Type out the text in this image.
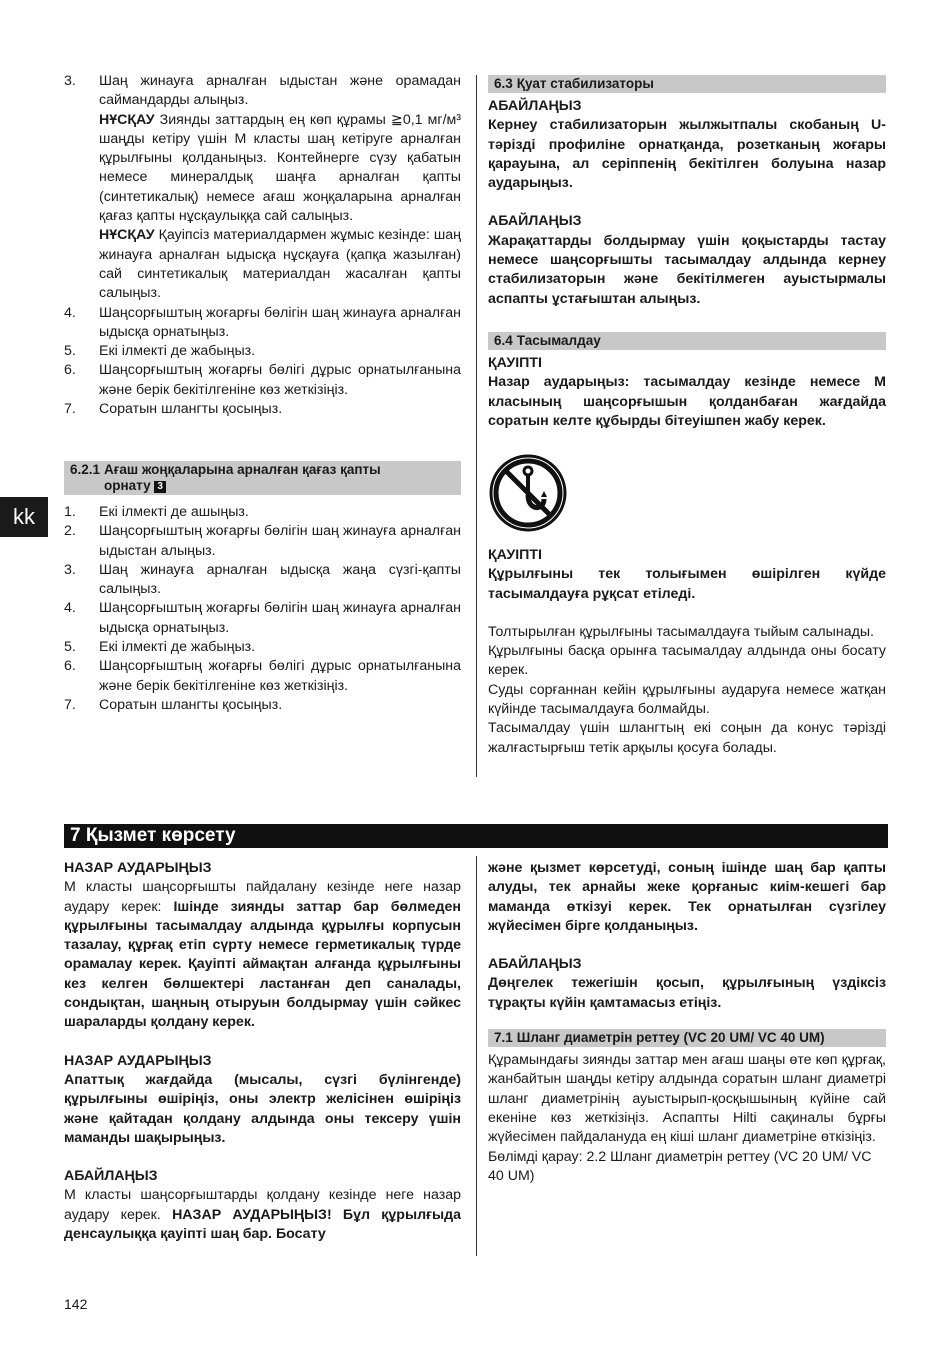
kk
3.	Шаң жинауға арналған ыдыстан және орамадан саймандарды алыңыз.
НҰСҚАУ Зиянды заттардың ең көп құрамы ≧0,1 мг/м³ шаңды кетіру үшін М класты шаң кетіруге арналған құрылғыны қолданыңыз. Контейнерге сүзу қабатын немесе минералдық шаңға арналған қапты (синтетикалық) немесе ағаш жоңқаларына арналған қағаз қапты нұсқаулыққа сай салыңыз.
НҰСҚАУ Қауіпсіз материалдармен жұмыс кезінде: шаң жинауға арналған ыдысқа нұсқауға (қапқа жазылған) сай синтетикалық материалдан жасалған қапты салыңыз.
4.	Шаңсорғыштың жоғарғы бөлігін шаң жинауға арналған ыдысқа орнатыңыз.
5.	Екі ілмекті де жабыңыз.
6.	Шаңсорғыштың жоғарғы бөлігі дұрыс орнатылғанына және берік бекітілгеніне көз жеткізіңіз.
7.	Соратын шлангты қосыңыз.
6.2.1 Ағаш жоңқаларына арналған қағаз қапты орнату 3
1.	Екі ілмекті де ашыңыз.
2.	Шаңсорғыштың жоғарғы бөлігін шаң жинауға арналған ыдыстан алыңыз.
3.	Шаң жинауға арналған ыдысқа жаңа сүзгі-қапты салыңыз.
4.	Шаңсорғыштың жоғарғы бөлігін шаң жинауға арналған ыдысқа орнатыңыз.
5.	Екі ілмекті де жабыңыз.
6.	Шаңсорғыштың жоғарғы бөлігі дұрыс орнатылғанына және берік бекітілгеніне көз жеткізіңіз.
7.	Соратын шлангты қосыңыз.
6.3 Қуат стабилизаторы

АБАЙЛАҢЫЗ

Кернеу стабилизаторын жылжытпалы скобаның U-тәрізді профиліне орнатқанда, розетканың жоғары қарауына, ал серіппенің бекітілген болуына назар аударыңыз.

АБАЙЛАҢЫЗ

Жарақаттарды болдырмау үшін қоқыстарды тастау немесе шаңсорғышты тасымалдау алдында кернеу стабилизаторын және бекітілмеген ауыстырмалы аспапты ұстағыштан алыңыз.

6.4 Тасымалдау

ҚАУІПТІ

Назар аударыңыз: тасымалдау кезінде немесе М класының шаңсорғышын қолданбаған жағдайда соратын келте құбырды бітеуішпен жабу керек.

ҚАУІПТІ

Құрылғыны тек толығымен өшірілген күйде тасымалдауға рұқсат етіледі.

Толтырылған құрылғыны тасымалдауға тыйым салынады.

Құрылғыны басқа орынға тасымалдау алдында оны босату керек.

Суды сорғаннан кейін құрылғыны аударуға немесе жатқан күйінде тасымалдауға болмайды.

Тасымалдау үшін шлангтың екі соңын да конус тәрізді жалғастырғыш тетік арқылы қосуға болады.

7 Қызмет көрсету

НАЗАР АУДАРЫҢЫЗ

М класты шаңсорғышты пайдалану кезінде неге назар аудару керек: Ішінде зиянды заттар бар бөлмеден құрылғыны тасымалдау алдында құрылғы корпусын тазалау, құрғақ етіп сүрту немесе герметикалық түрде орамалау керек. Қауіпті аймақтан алғанда құрылғыны кез келген бөлшектері ластанған деп саналады, сондықтан, шаңның отыруын болдырмау үшін сәйкес шараларды қолдану керек.

НАЗАР АУДАРЫҢЫЗ

Апаттық жағдайда (мысалы, сүзгі бүлінгенде) құрылғыны өшіріңіз, оны электр желісінен өшіріңіз және қайтадан қолдану алдында оны тексеру үшін маманды шақырыңыз.

АБАЙЛАҢЫЗ

М класты шаңсорғыштарды қолдану кезінде неге назар аудару керек. НАЗАР АУДАРЫҢЫЗ! Бұл құрылғыда денсаулыққа қауіпті шаң бар. Босату

және қызмет көрсетуді, соның ішінде шаң бар қапты алуды, тек арнайы жеке қорғаныс киім-кешегі бар маманда өткізуі керек. Тек орнатылған сүзгілеу жүйесімен бірге қолданыңыз.

АБАЙЛАҢЫЗ

Дөңгелек тежегішін қосып, құрылғының үздіксіз тұрақты күйін қамтамасыз етіңіз.

7.1 Шланг диаметрін реттеу (VC 20 UM/ VC 40 UM)

Құрамындағы зиянды заттар мен ағаш шаңы өте көп құрғақ, жанбайтын шаңды кетіру алдында соратын шланг диаметрі шланг диаметрінің ауыстырып-қосқышының күйіне сай екеніне көз жеткізіңіз. Аспапты Hilti сақиналы бұрғы жүйесімен пайдаланудa ең кіші шланг диаметріне өткізіңіз.

Бөлімді қарау: 2.2 Шланг диаметрін реттеу (VC 20 UM/ VC 40 UM)

142
